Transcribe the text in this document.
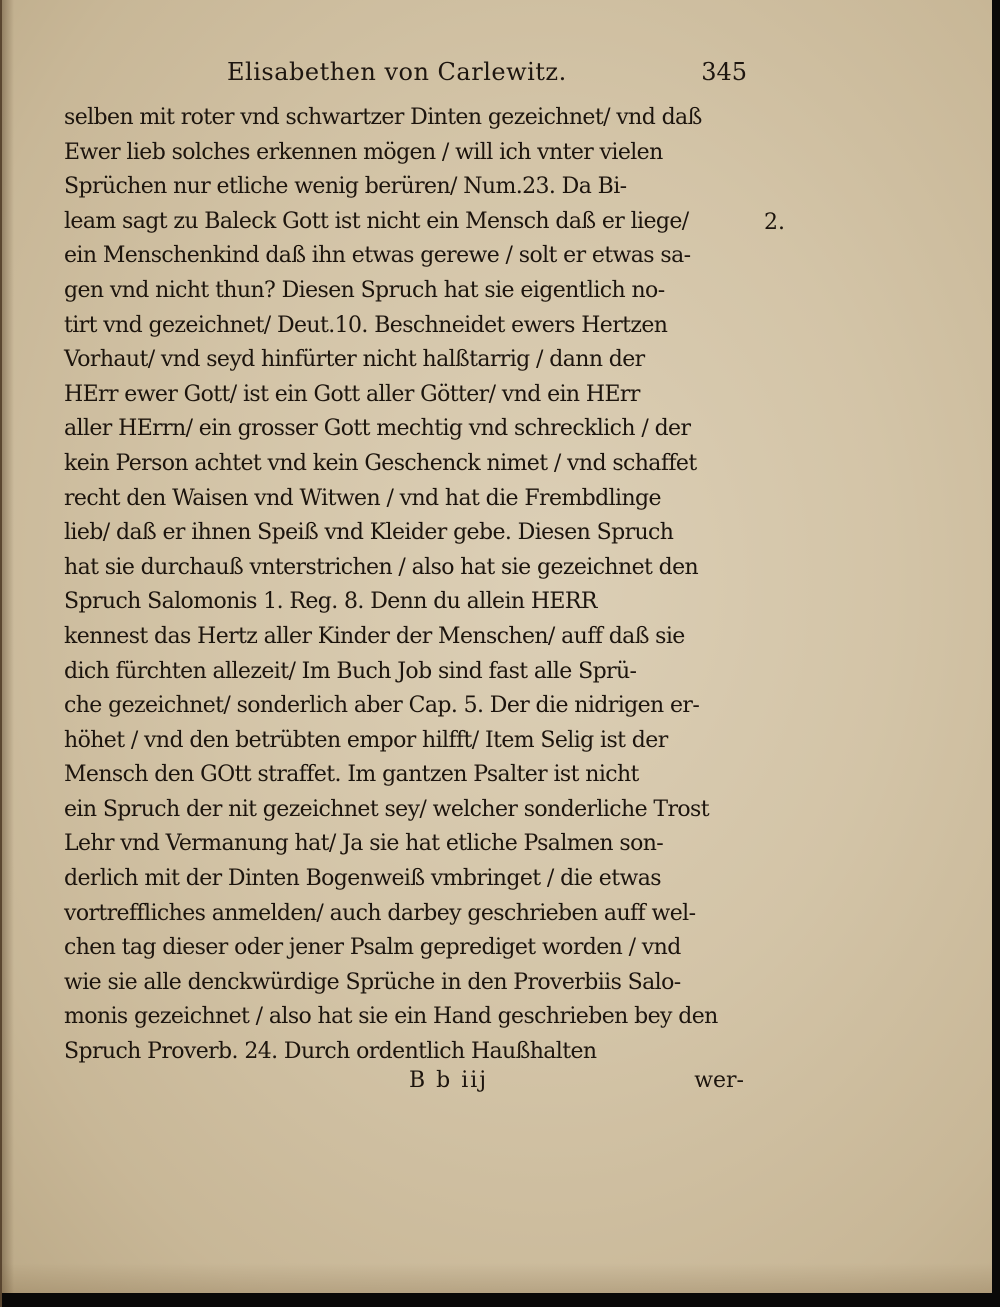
Elisabethen von Carlewitz.	345
selben mit roter vnd schwartzer Dinten gezeichnet/ vnd daß
Ewer lieb solches erkennen mögen / will ich vnter vielen
Sprüchen nur etliche wenig berüren/ Num.23. Da Bi-
leam sagt zu Baleck Gott ist nicht ein Mensch daß er liege/
ein Menschenkind daß ihn etwas gerewe / solt er etwas sa-
gen vnd nicht thun? Diesen Spruch hat sie eigentlich no-
tirt vnd gezeichnet/ Deut.10. Beschneidet ewers Hertzen
Vorhaut/ vnd seyd hinfürter nicht halßtarrig / dann der
HErr ewer Gott/ ist ein Gott aller Götter/ vnd ein HErr
aller HErrn/ ein grosser Gott mechtig vnd schrecklich / der
kein Person achtet vnd kein Geschenck nimet / vnd schaffet
recht den Waisen vnd Witwen / vnd hat die Frembdlinge
lieb/ daß er ihnen Speiß vnd Kleider gebe. Diesen Spruch
hat sie durchauß vnterstrichen / also hat sie gezeichnet den
Spruch Salomonis 1. Reg. 8. Denn du allein HERR
kennest das Hertz aller Kinder der Menschen/ auff daß sie
dich fürchten allezeit/ Im Buch Job sind fast alle Sprü-
che gezeichnet/ sonderlich aber Cap. 5. Der die nidrigen er-
höhet / vnd den betrübten empor hilfft/ Item Selig ist der
Mensch den GOtt straffet. Im gantzen Psalter ist nicht
ein Spruch der nit gezeichnet sey/ welcher sonderliche Trost
Lehr vnd Vermanung hat/ Ja sie hat etliche Psalmen son-
derlich mit der Dinten Bogenweiß vmbringet / die etwas
vortreffliches anmelden/ auch darbey geschrieben auff wel-
chen tag dieser oder jener Psalm geprediget worden / vnd
wie sie alle denckwürdige Sprüche in den Proverbiis Salo-
monis gezeichnet / also hat sie ein Hand geschrieben bey den
Spruch Proverb. 24. Durch ordentlich Haußhalten
2.
B b iij	wer-
